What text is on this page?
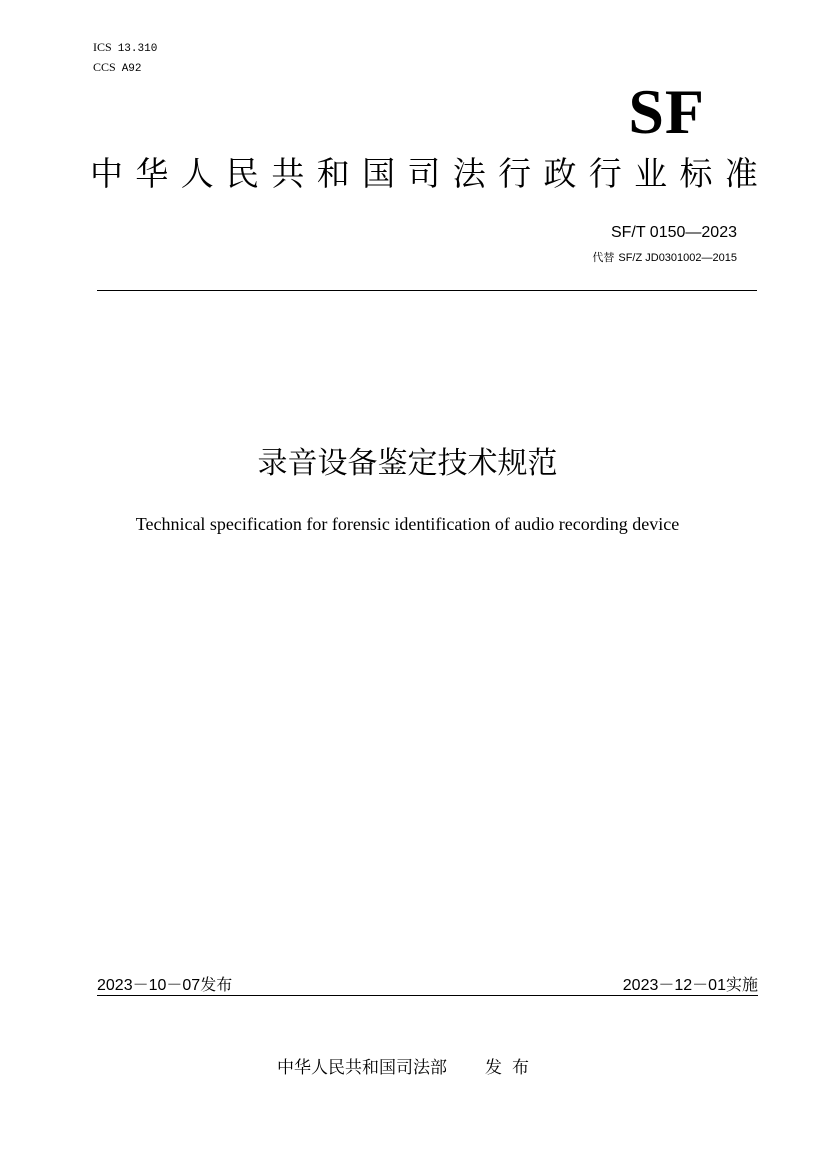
ICS 13.310
CCS A92
SF
中 华 人 民 共 和 国 司 法 行 政 行 业 标 准
SF/T 0150—2023
代替 SF/Z JD0301002—2015
录音设备鉴定技术规范
Technical specification for forensic identification of audio recording device
2023－10－07发布	2023－12－01实施
中华人民共和国司法部 发布
